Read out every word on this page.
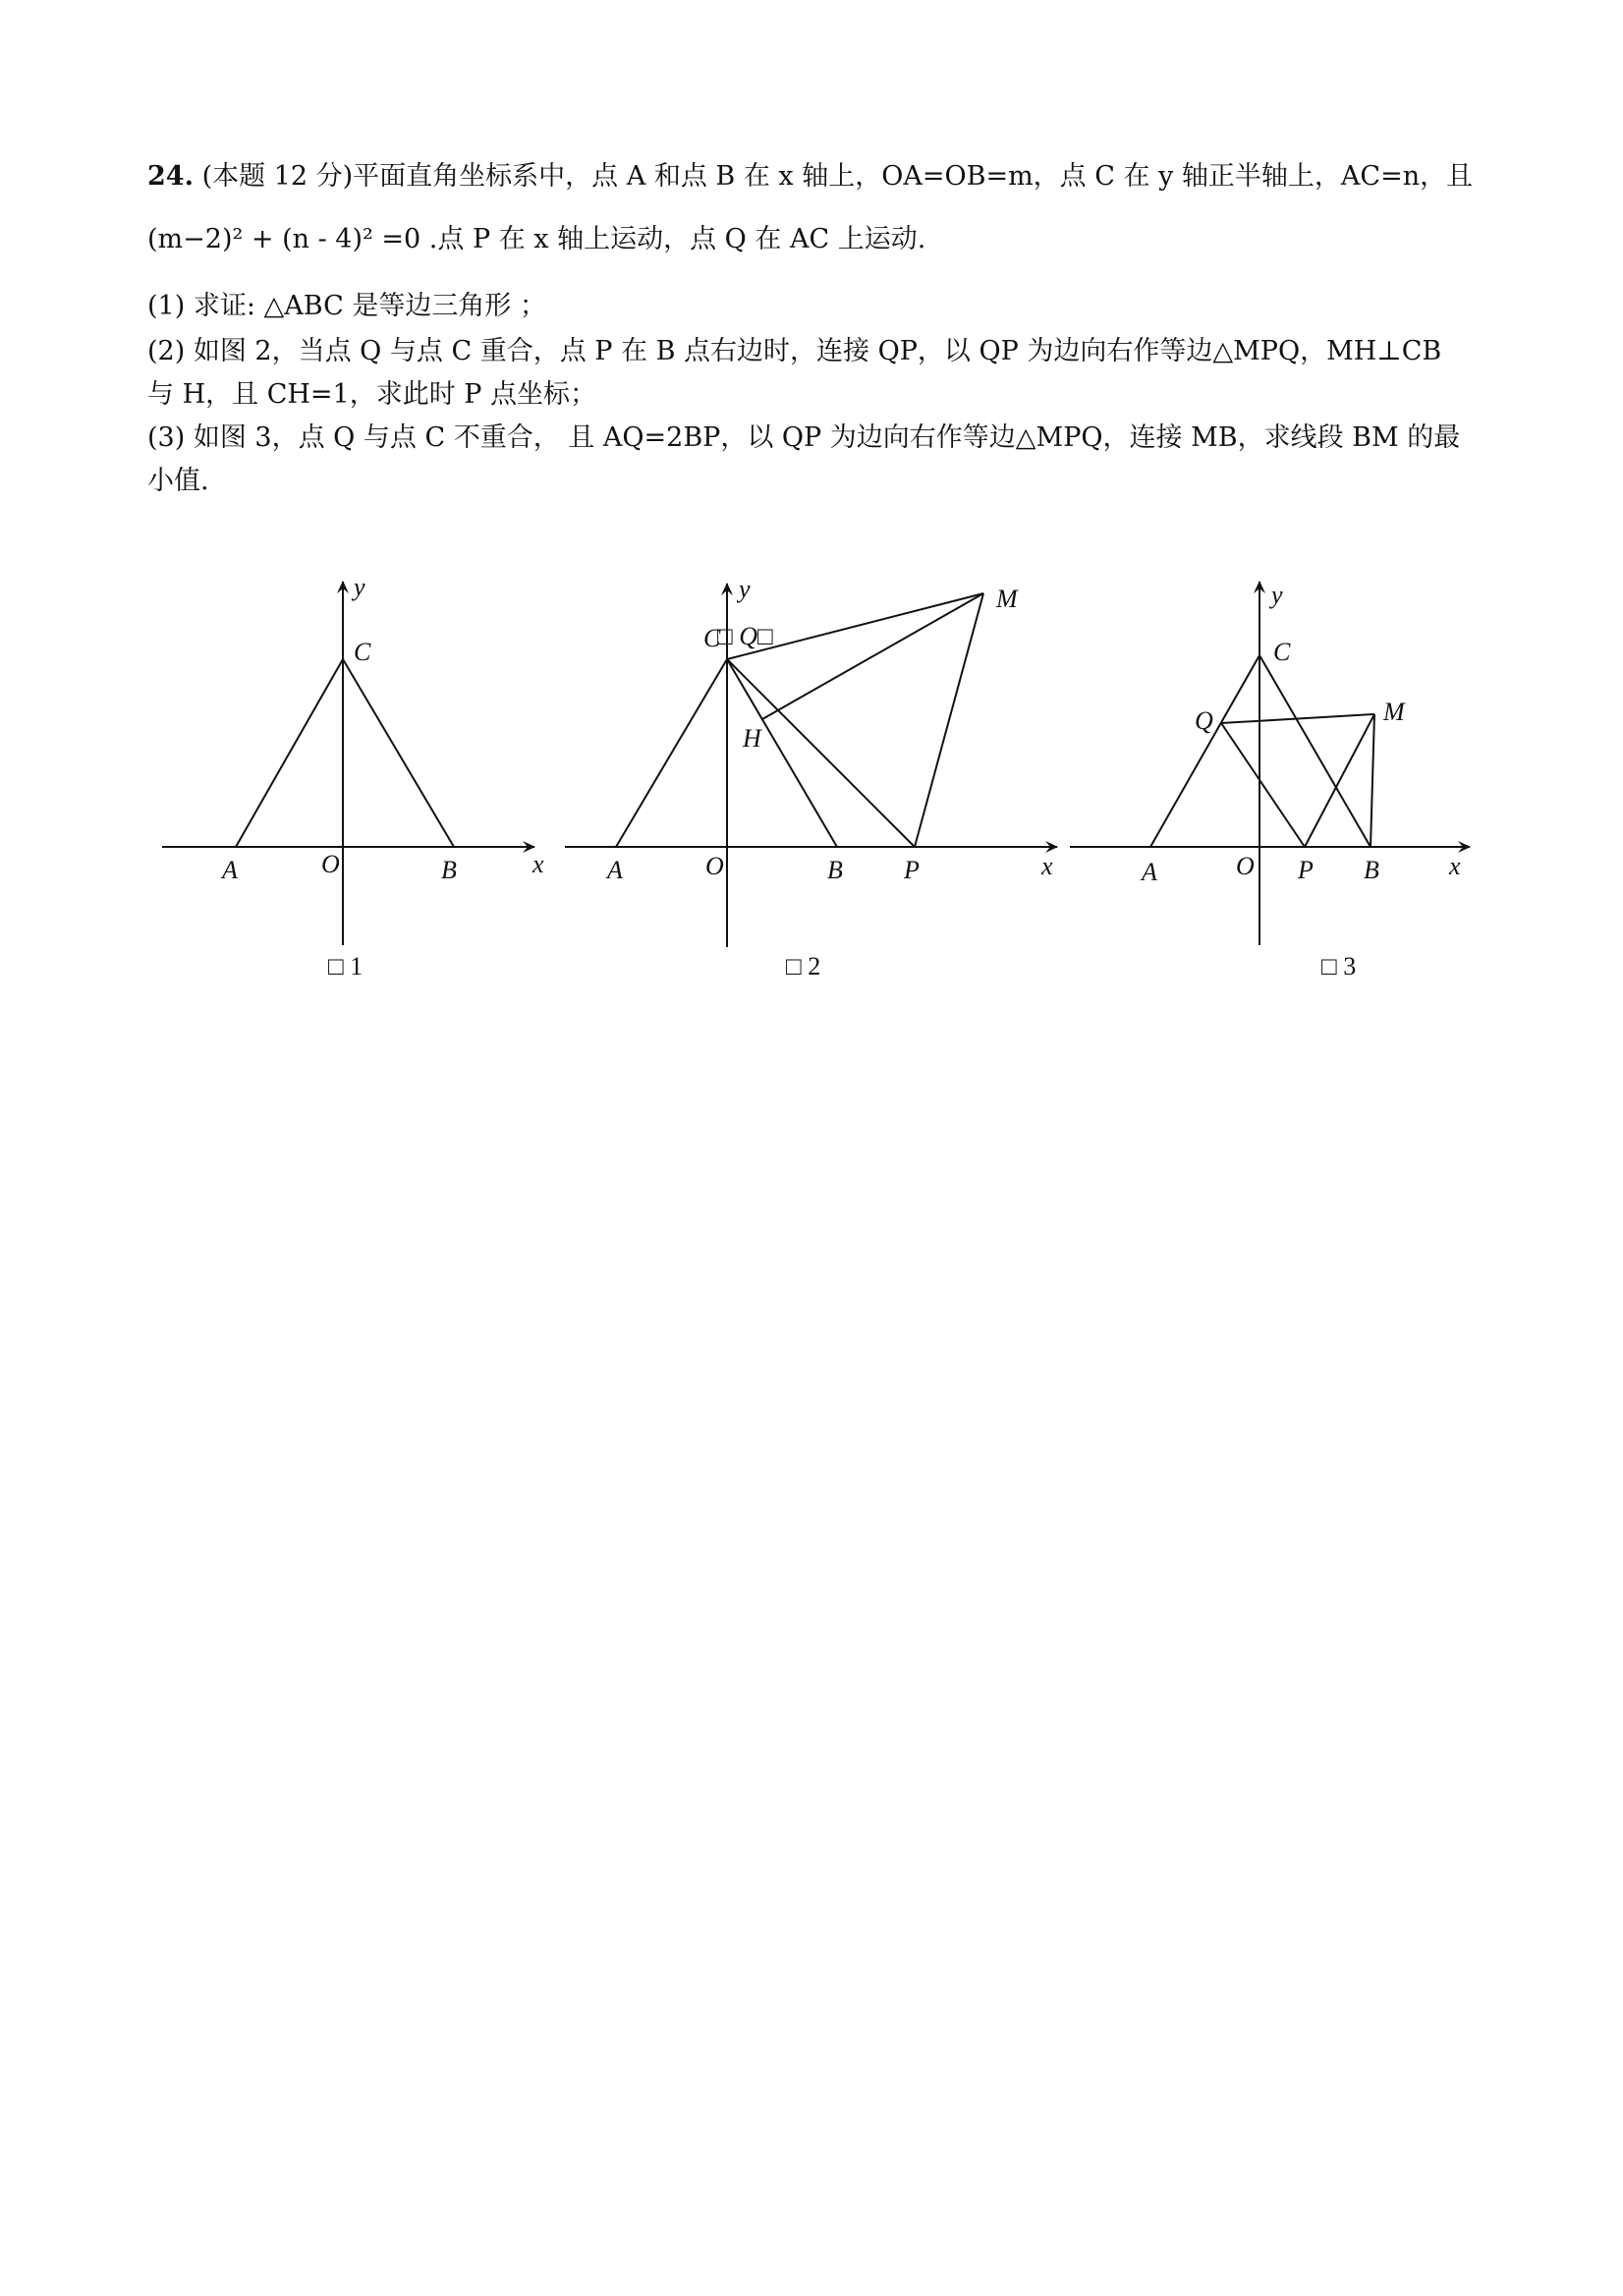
24. (本题 12 分)平面直角坐标系中，点 A 和点 B 在 x 轴上，OA=OB=m，点 C 在 y 轴正半轴上，AC=n，且
(m−2)² + (n - 4)² =0 .点 P 在 x 轴上运动，点 Q 在 AC 上运动.
(1) 求证: △ABC 是等边三角形 ；
(2) 如图 2，当点 Q 与点 C 重合，点 P 在 B 点右边时，连接 QP，以 QP 为边向右作等边△MPQ，MH⊥CB
与 H，且 CH=1，求此时 P 点坐标；
(3) 如图 3，点 Q 与点 C 不重合， 且 AQ=2BP，以 QP 为边向右作等边△MPQ，连接 MB，求线段 BM 的最
小值.
y
x
C
A	O	B
□ 1
y
x
C
□ Q□
M
H
A	O	B P
□ 2
y
x
C
Q	M
A	O P B
□ 3
